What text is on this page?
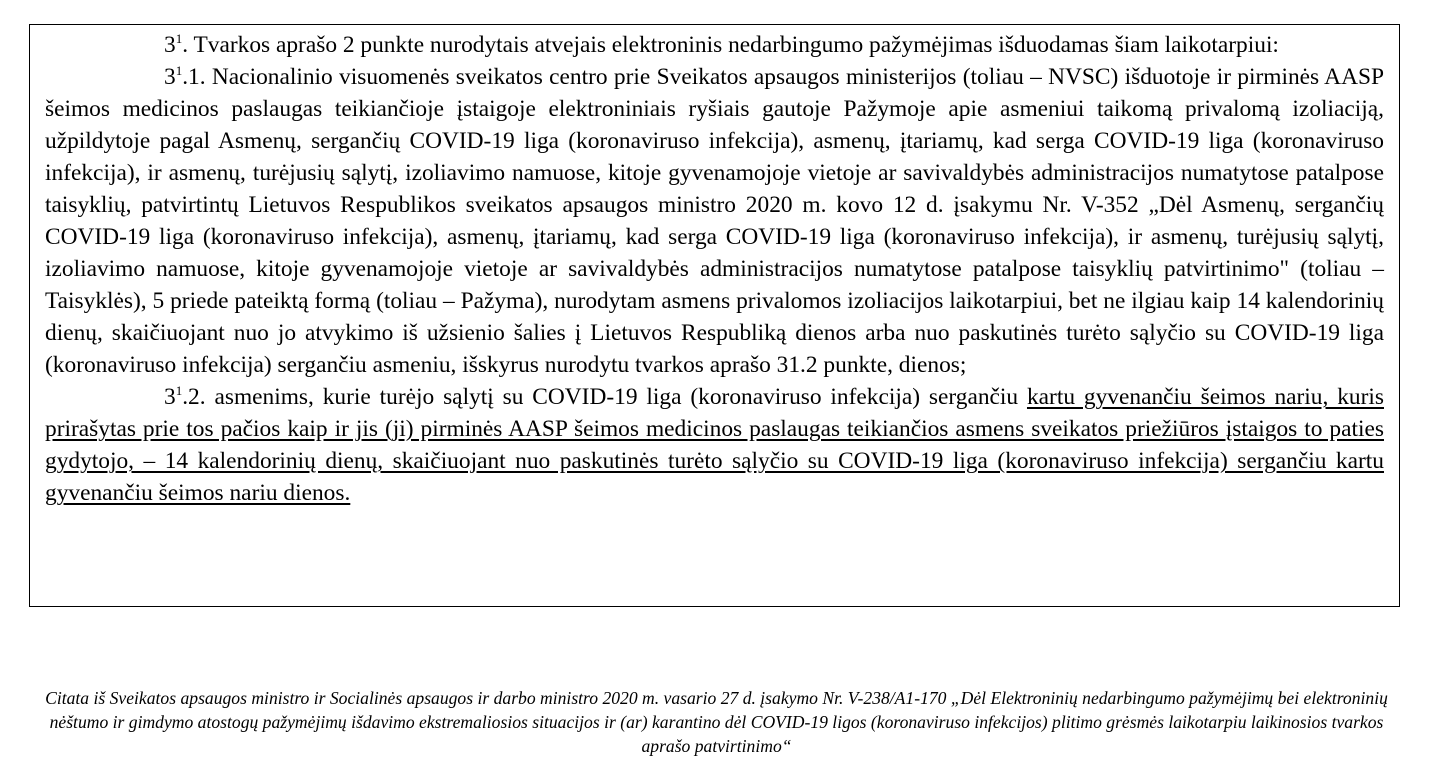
$3^1$. Tvarkos aprašo 2 punkte nurodytais atvejais elektroninis nedarbingumo pažymėjimas išduodamas šiam laikotarpiui:

$3^1.1$. Nacionalinio visuomenės sveikatos centro prie Sveikatos apsaugos ministerijos (toliau – NVSC) išduotoje ir pirminės AASP šeimos medicinos paslaugas teikiančioje įstaigoje elektroniniais ryšiais gautoje Pažymoje apie asmeniui taikomą privalomą izoliaciją, užpildytoje pagal Asmenų, sergančių COVID-19 liga (koronaviruso infekcija), asmenų, įtariamų, kad serga COVID-19 liga (koronaviruso infekcija), ir asmenų, turėjusių sąlytį, izoliavimo namuose, kitoje gyvenamojoje vietoje ar savivaldybės administracijos numatytose patalpose taisyklių, patvirtintų Lietuvos Respublikos sveikatos apsaugos ministro 2020 m. kovo 12 d. įsakymu Nr. V-352 „Dėl Asmenų, sergančių COVID-19 liga (koronaviruso infekcija), asmenų, įtariamų, kad serga COVID-19 liga (koronaviruso infekcija), ir asmenų, turėjusių sąlytį, izoliavimo namuose, kitoje gyvenamojoje vietoje ar savivaldybės administracijos numatytose patalpose taisyklių patvirtinimo" (toliau – Taisyklės), 5 priede pateiktą formą (toliau – Pažyma), nurodytam asmens privalomos izoliacijos laikotarpiui, bet ne ilgiau kaip 14 kalendorinių dienų, skaičiuojant nuo jo atvykimo iš užsienio šalies į Lietuvos Respubliką dienos arba nuo paskutinės turėto sąlyčio su COVID-19 liga (koronaviruso infekcija) sergančiu asmeniu, išskyrus nurodytu tvarkos aprašo 31.2 punkte, dienos;

$3^1.2$. asmenims, kurie turėjo sąlytį su COVID-19 liga (koronaviruso infekcija) sergančiu kartu gyvenančiu šeimos nariu, kuris prirašytas prie tos pačios kaip ir jis (ji) pirminės AASP šeimos medicinos paslaugas teikiančios asmens sveikatos priežiūros įstaigos to paties gydytojo, – 14 kalendorinių dienų, skaičiuojant nuo paskutinės turėto sąlyčio su COVID-19 liga (koronaviruso infekcija) sergančiu kartu gyvenančiu šeimos nariu dienos.

Citata iš Sveikatos apsaugos ministro ir Socialinės apsaugos ir darbo ministro 2020 m. vasario 27 d. įsakymo Nr. V-238/A1-170 „Dėl Elektroninių nedarbingumo pažymėjimų bei elektroninių nėštumo ir gimdymo atostogų pažymėjimų išdavimo ekstremaliosios situacijos ir (ar) karantino dėl COVID-19 ligos (koronaviruso infekcijos) plitimo grėsmės laikotarpiu laikinosios tvarkos aprašo patvirtinimo“
